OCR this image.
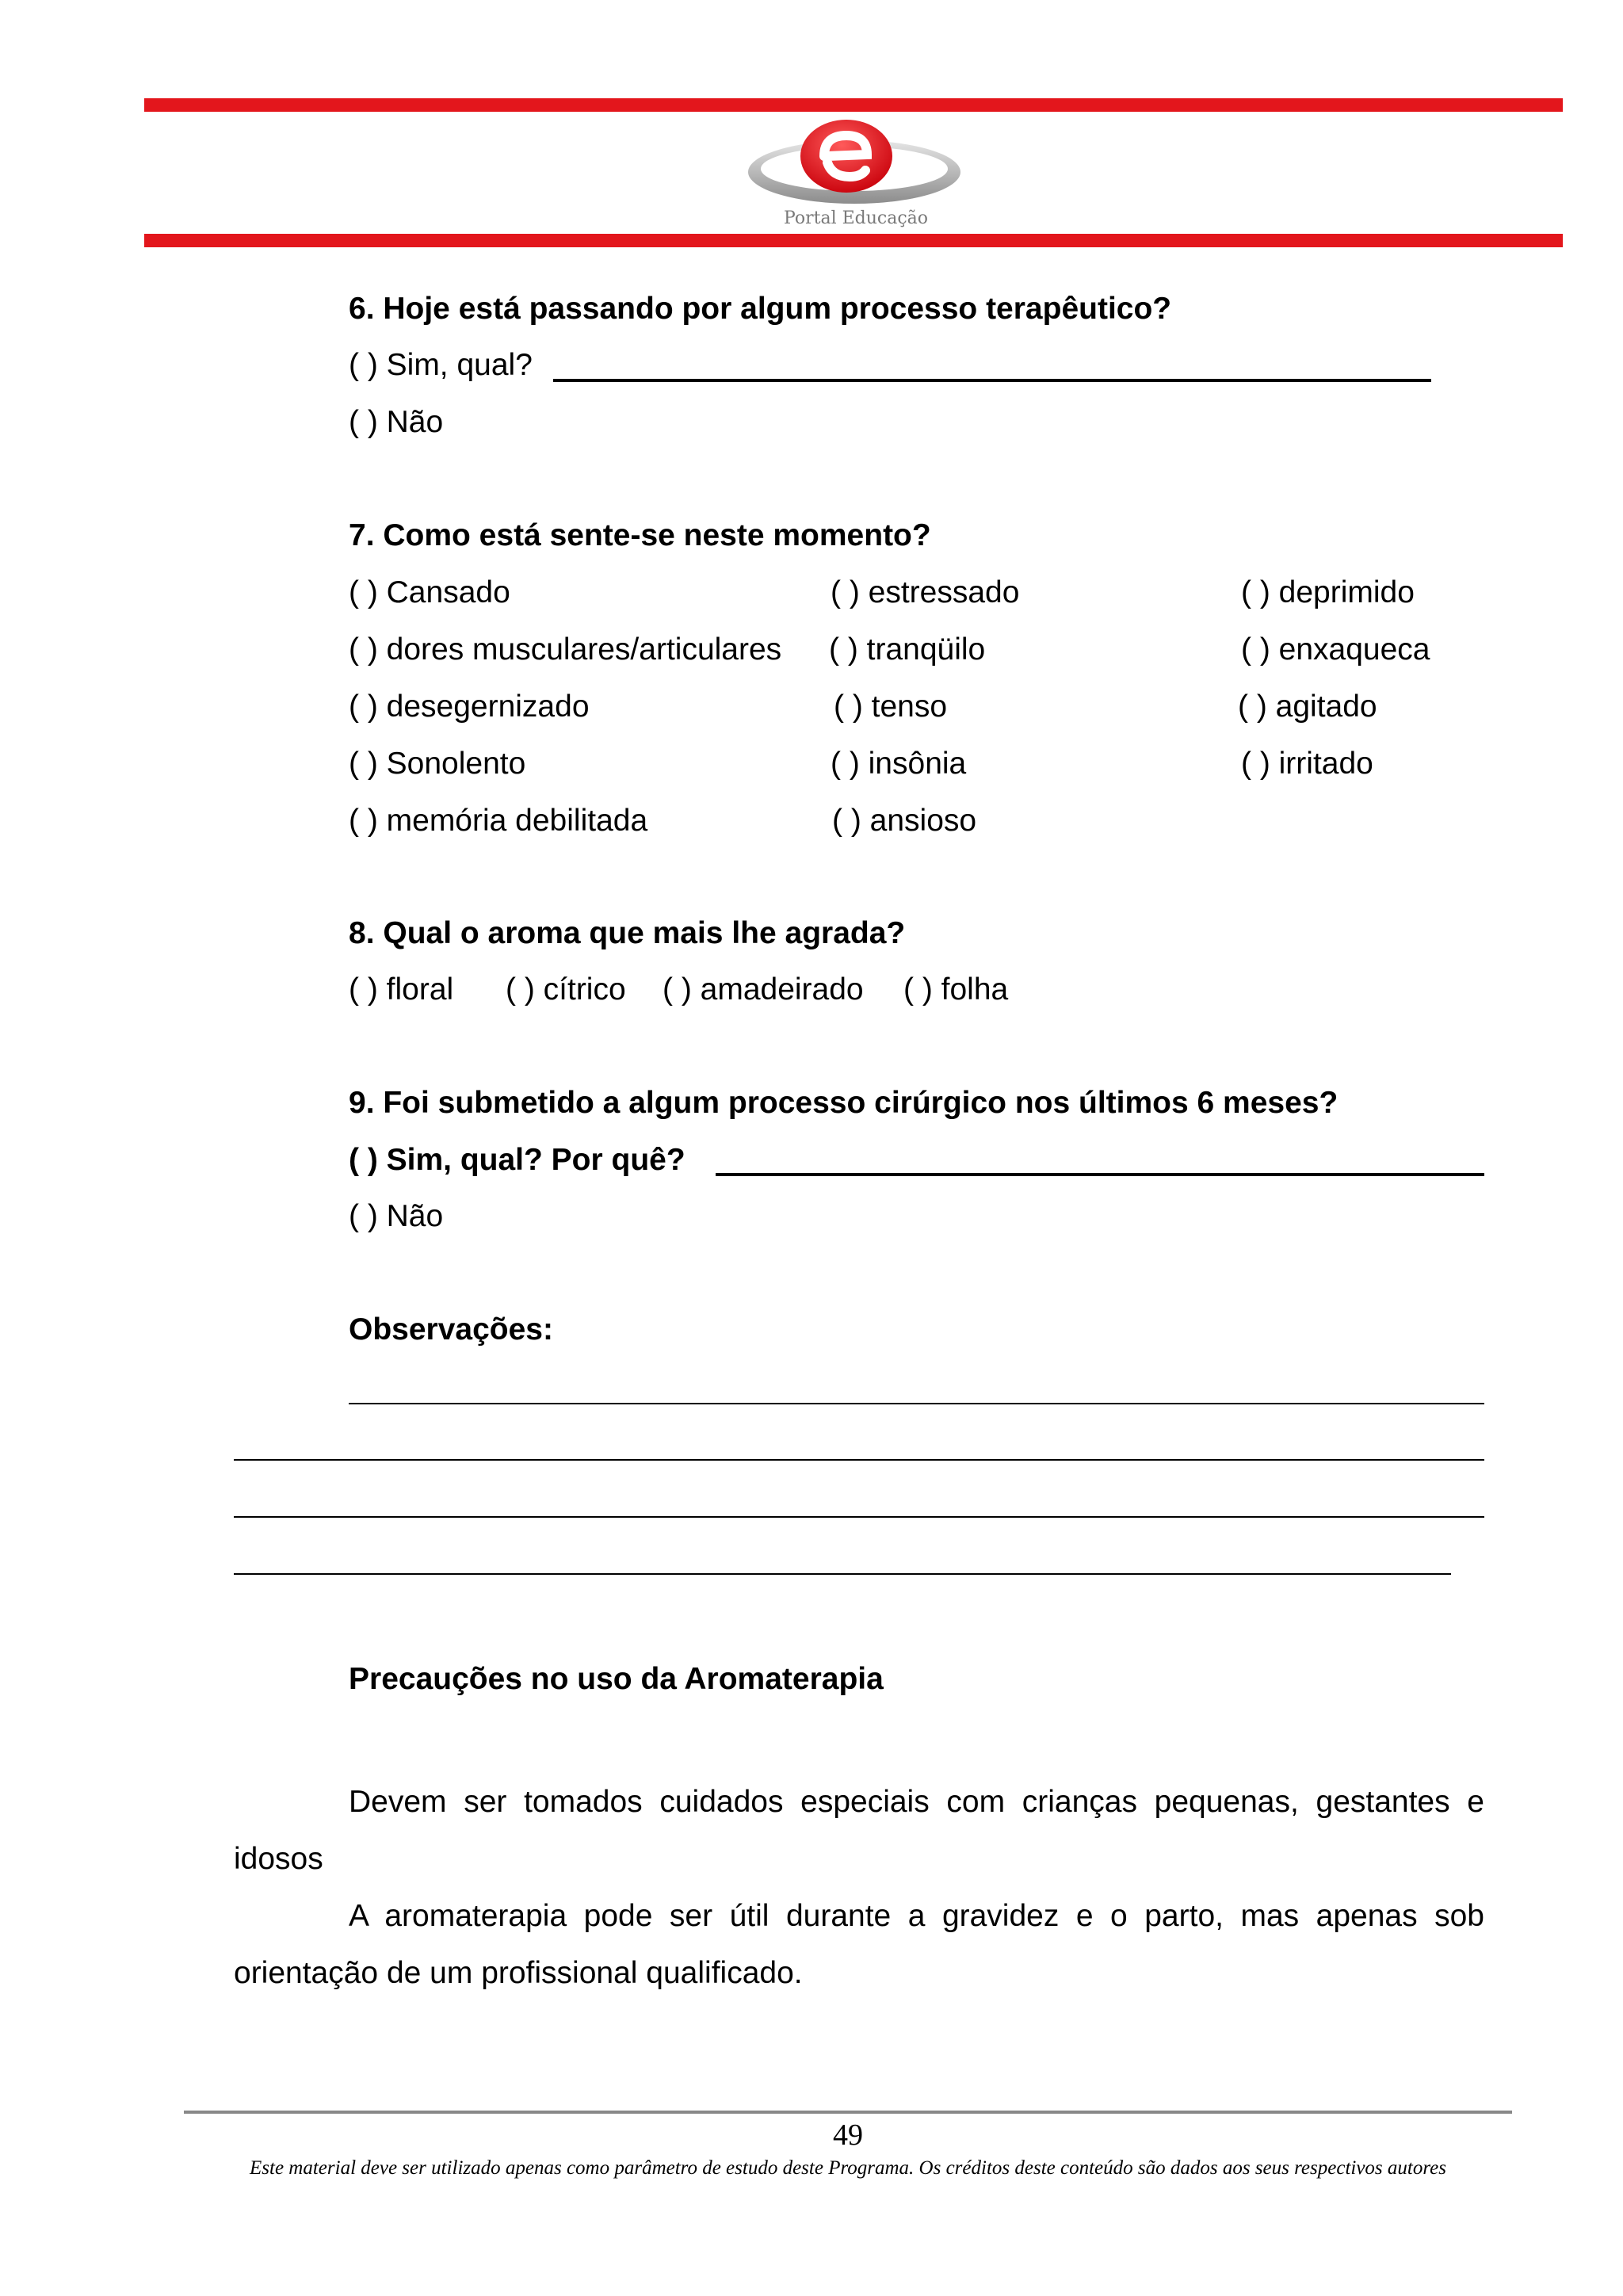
Portal Educação
6. Hoje está passando por algum processo terapêutico?
( ) Sim, qual?
( ) Não
7. Como está sente-se neste momento?
( ) Cansado	( ) estressado	( ) deprimido
( ) dores musculares/articulares ( ) tranqüilo	( ) enxaqueca
( ) desegernizado	( ) tenso	( ) agitado
( ) Sonolento	( ) insônia	( ) irritado
( ) memória debilitada	( ) ansioso
8. Qual o aroma que mais lhe agrada?
( ) floral ( ) cítrico ( ) amadeirado ( ) folha
9. Foi submetido a algum processo cirúrgico nos últimos 6 meses?
( ) Sim, qual? Por quê?
( ) Não
Observações:
Precauções no uso da Aromaterapia
Devem ser tomados cuidados especiais com crianças pequenas, gestantes e
idosos
A aromaterapia pode ser útil durante a gravidez e o parto, mas apenas sob
orientação de um profissional qualificado.
49
Este material deve ser utilizado apenas como parâmetro de estudo deste Programa. Os créditos deste conteúdo são dados aos seus respectivos autores
